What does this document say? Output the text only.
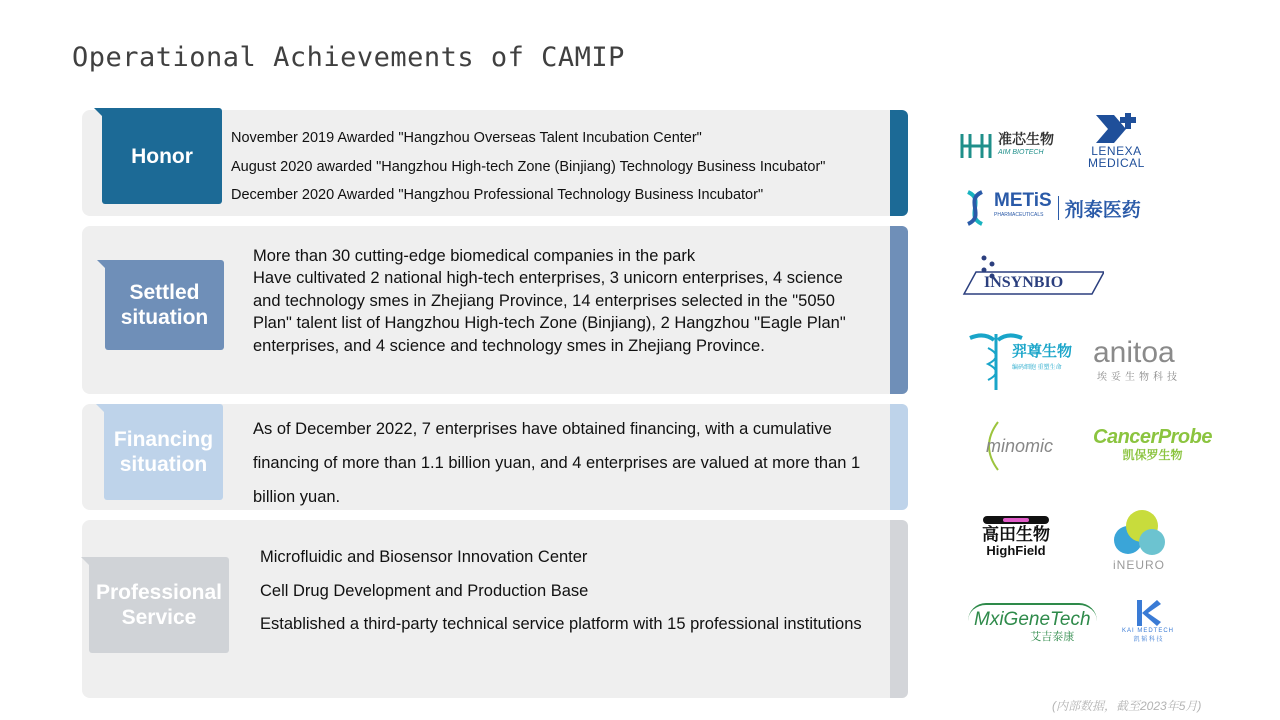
Operational Achievements of CAMIP
Honor
Settled situation
Financing situation
Professional Service
November 2019 Awarded "Hangzhou Overseas Talent Incubation Center"
August 2020 awarded "Hangzhou High-tech Zone (Binjiang) Technology Business Incubator"
December 2020 Awarded "Hangzhou Professional Technology Business Incubator"
More than 30 cutting-edge biomedical companies in the park
Have cultivated 2 national high-tech enterprises, 3 unicorn enterprises, 4 science and technology smes in Zhejiang Province, 14 enterprises selected in the "5050 Plan" talent list of Hangzhou High-tech Zone (Binjiang), 2 Hangzhou "Eagle Plan" enterprises, and 4 science and technology smes in Zhejiang Province.
As of December 2022, 7 enterprises have obtained financing, with a cumulative financing of more than 1.1 billion yuan, and 4 enterprises are valued at more than 1 billion yuan.
Microfluidic and Biosensor Innovation Center
Cell Drug Development and Production Base
Established a third-party technical service platform with 15 professional institutions
准芯生物
AIM BIOTECH	LENEXA
MEDICAL
METiS
PHARMACEUTICALS	剂泰医药
INSYNBIO
羿尊生物
编码细胞 重塑生命	anitoa
埃妥生物科技
minomic CancerProbe
凯保罗生物
高田生物
HighField
iNEURO
MxiGeneTech
艾吉泰康	KAI MEDTECH
凯 韬 科 技
(内部数据，截至2023年5月)
